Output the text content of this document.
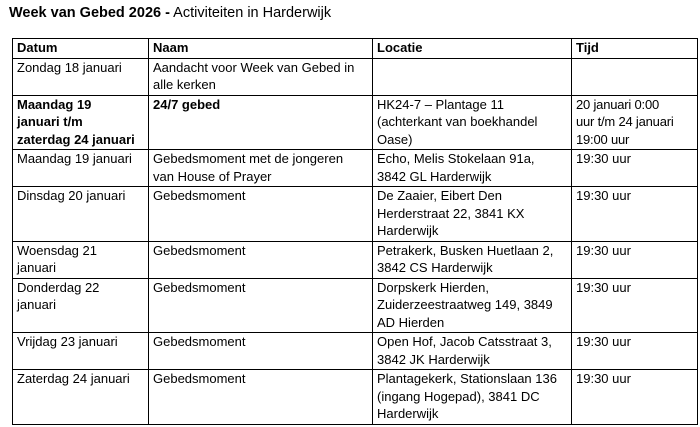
Week van Gebed 2026 - Activiteiten in Harderwijk
Datum	Naam	Locatie	Tijd
Zondag 18 januari	Aandacht voor Week van Gebed in
alle kerken		
Maandag 19
januari t/m
zaterdag 24 januari	24/7 gebed	HK24-7 – Plantage 11
(achterkant van boekhandel
Oase)	20 januari 0:00
uur t/m 24 januari
19:00 uur
Maandag 19 januari	Gebedsmoment met de jongeren
van House of Prayer	Echo, Melis Stokelaan 91a,
3842 GL Harderwijk	19:30 uur
Dinsdag 20 januari	Gebedsmoment	De Zaaier, Eibert Den
Herderstraat 22, 3841 KX
Harderwijk	19:30 uur
Woensdag 21
januari	Gebedsmoment	Petrakerk, Busken Huetlaan 2,
3842 CS Harderwijk	19:30 uur
Donderdag 22
januari	Gebedsmoment	Dorpskerk Hierden,
Zuiderzeestraatweg 149, 3849
AD Hierden	19:30 uur
Vrijdag 23 januari	Gebedsmoment	Open Hof, Jacob Catsstraat 3,
3842 JK Harderwijk	19:30 uur
Zaterdag 24 januari	Gebedsmoment	Plantagekerk, Stationslaan 136
(ingang Hogepad), 3841 DC
Harderwijk	19:30 uur
